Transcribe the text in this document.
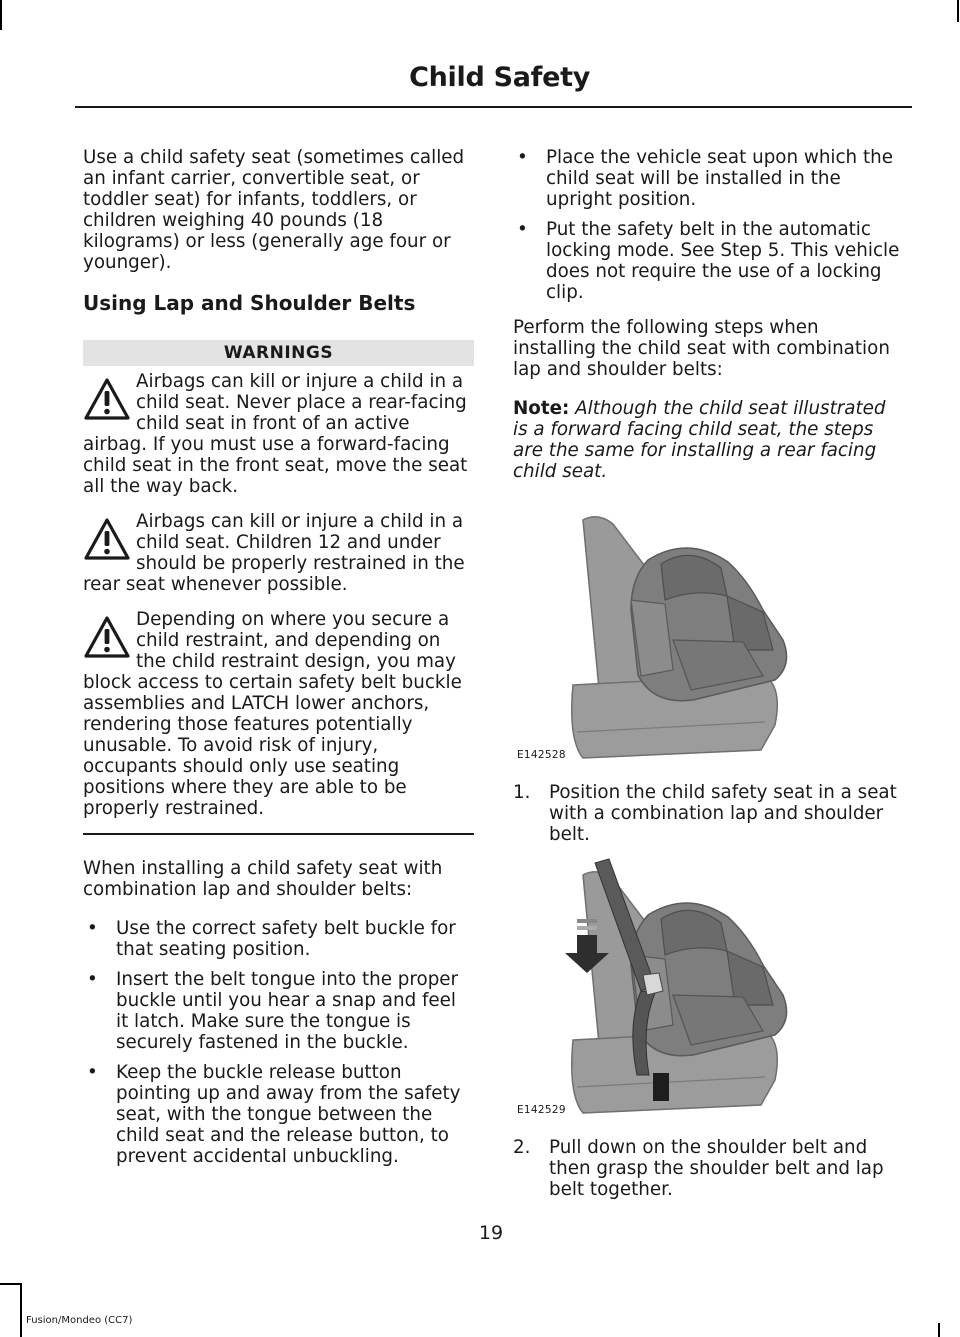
Child Safety

Use a child safety seat (sometimes called an infant carrier, convertible seat, or toddler seat) for infants, toddlers, or children weighing 40 pounds (18 kilograms) or less (generally age four or younger).

Using Lap and Shoulder Belts
WARNINGS
Airbags can kill or injure a child in a child seat. Never place a rear-facing child seat in front of an active airbag. If you must use a forward-facing child seat in the front seat, move the seat all the way back.
Airbags can kill or injure a child in a child seat. Children 12 and under should be properly restrained in the rear seat whenever possible.
Depending on where you secure a child restraint, and depending on the child restraint design, you may block access to certain safety belt buckle assemblies and LATCH lower anchors, rendering those features potentially unusable. To avoid risk of injury, occupants should only use seating positions where they are able to be properly restrained.

When installing a child safety seat with combination lap and shoulder belts:

• Use the correct safety belt buckle for that seating position.
• Insert the belt tongue into the proper buckle until you hear a snap and feel it latch. Make sure the tongue is securely fastened in the buckle.
• Keep the buckle release button pointing up and away from the safety seat, with the tongue between the child seat and the release button, to prevent accidental unbuckling.
• Place the vehicle seat upon which the child seat will be installed in the upright position.
• Put the safety belt in the automatic locking mode. See Step 5. This vehicle does not require the use of a locking clip.

Perform the following steps when installing the child seat with combination lap and shoulder belts:

Note: Although the child seat illustrated is a forward facing child seat, the steps are the same for installing a rear facing child seat.

E142528
1. Position the child safety seat in a seat with a combination lap and shoulder belt.
E142529
2. Pull down on the shoulder belt and then grasp the shoulder belt and lap belt together.
19
Fusion/Mondeo (CC7)
